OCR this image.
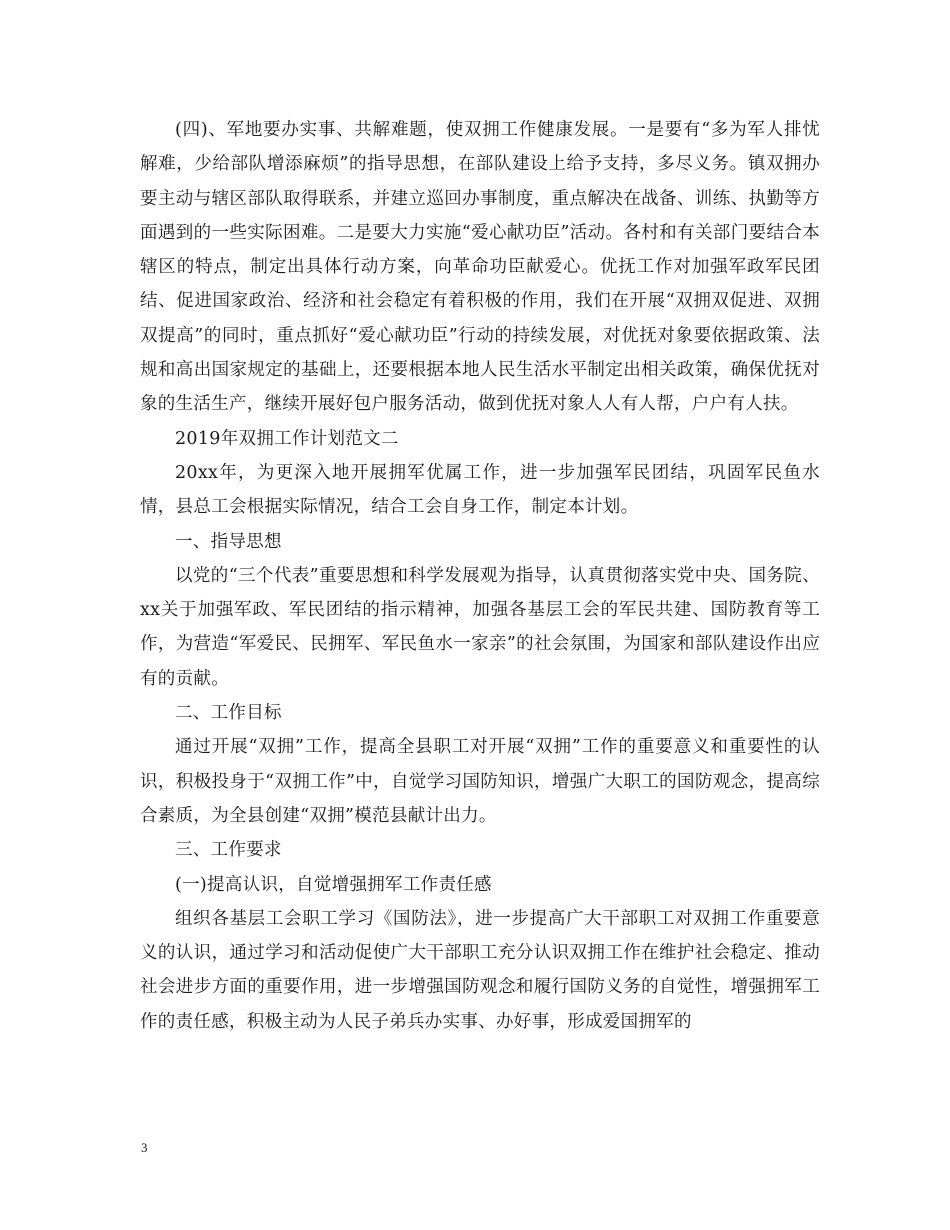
(四)、军地要办实事、共解难题，使双拥工作健康发展。一是要有“多为军人排忧解难，少给部队增添麻烦”的指导思想，在部队建设上给予支持，多尽义务。镇双拥办要主动与辖区部队取得联系，并建立巡回办事制度，重点解决在战备、训练、执勤等方面遇到的一些实际困难。二是要大力实施“爱心献功臣”活动。各村和有关部门要结合本辖区的特点，制定出具体行动方案，向革命功臣献爱心。优抚工作对加强军政军民团结、促进国家政治、经济和社会稳定有着积极的作用，我们在开展“双拥双促进、双拥双提高”的同时，重点抓好“爱心献功臣”行动的持续发展，对优抚对象要依据政策、法规和高出国家规定的基础上，还要根据本地人民生活水平制定出相关政策，确保优抚对象的生活生产，继续开展好包户服务活动，做到优抚对象人人有人帮，户户有人扶。

2019年双拥工作计划范文二

20xx年，为更深入地开展拥军优属工作，进一步加强军民团结，巩固军民鱼水情，县总工会根据实际情况，结合工会自身工作，制定本计划。

一、指导思想

以党的“三个代表”重要思想和科学发展观为指导，认真贯彻落实党中央、国务院、xx关于加强军政、军民团结的指示精神，加强各基层工会的军民共建、国防教育等工作，为营造“军爱民、民拥军、军民鱼水一家亲”的社会氛围，为国家和部队建设作出应有的贡献。

二、工作目标

通过开展“双拥”工作，提高全县职工对开展“双拥”工作的重要意义和重要性的认识，积极投身于“双拥工作”中，自觉学习国防知识，增强广大职工的国防观念，提高综合素质，为全县创建“双拥”模范县献计出力。

三、工作要求

(一)提高认识，自觉增强拥军工作责任感

组织各基层工会职工学习《国防法》，进一步提高广大干部职工对双拥工作重要意义的认识，通过学习和活动促使广大干部职工充分认识双拥工作在维护社会稳定、推动社会进步方面的重要作用，进一步增强国防观念和履行国防义务的自觉性，增强拥军工作的责任感，积极主动为人民子弟兵办实事、办好事，形成爱国拥军的

3
